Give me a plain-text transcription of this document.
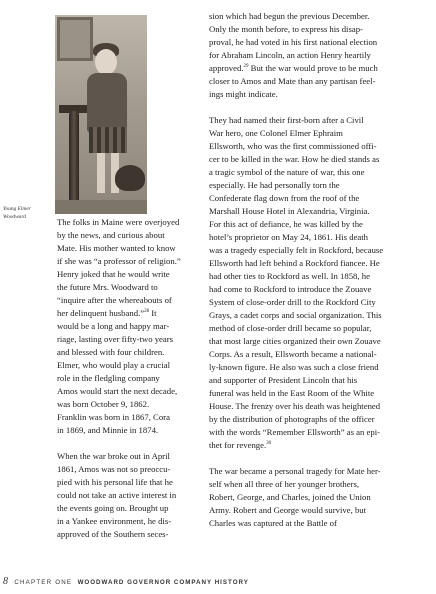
Young Elmer
Woodward	The folks in Maine were overjoyed
by the news, and curious about
Mate. His mother wanted to know
if she was “a professor of religion.”
Henry joked that he would write
the future Mrs. Woodward to
“inquire after the whereabouts of
her delinquent husband.”$^{28}$ It
would be a long and happy mar-
riage, lasting over fifty-two years
and blessed with four children.
Elmer, who would play a crucial
role in the fledgling company
Amos would start the next decade,
was born October 9, 1862.
Franklin was born in 1867, Cora
in 1869, and Minnie in 1874.

When the war broke out in April
1861, Amos was not so preoccu-
pied with his personal life that he
could not take an active interest in
the events going on. Brought up
in a Yankee environment, he dis-
approved of the Southern seces-

sion which had begun the previous December.
Only the month before, to express his disap-
proval, he had voted in his first national election
for Abraham Lincoln, an action Henry heartily
approved.$^{29}$ But the war would prove to be much
closer to Amos and Mate than any partisan feel-
ings might indicate.

They had named their first-born after a Civil
War hero, one Colonel Elmer Ephraim
Ellsworth, who was the first commissioned offi-
cer to be killed in the war. How he died stands as
a tragic symbol of the nature of war, this one
especially. He had personally torn the
Confederate flag down from the roof of the
Marshall House Hotel in Alexandria, Virginia.
For this act of defiance, he was killed by the
hotel’s proprietor on May 24, 1861. His death
was a tragedy especially felt in Rockford, because
Ellsworth had left behind a Rockford fiancee. He
had other ties to Rockford as well. In 1858, he
had come to Rockford to introduce the Zouave
System of close-order drill to the Rockford City
Grays, a cadet corps and social organization. This
method of close-order drill became so popular,
that most large cities organized their own Zouave
Corps. As a result, Ellsworth became a national-
ly-known figure. He also was such a close friend
and supporter of President Lincoln that his
funeral was held in the East Room of the White
House. The frenzy over his death was heightened
by the distribution of photographs of the officer
with the words “Remember Ellsworth” as an epi-
thet for revenge.$^{30}$

The war became a personal tragedy for Mate her-
self when all three of her younger brothers,
Robert, George, and Charles, joined the Union
Army. Robert and George would survive, but
Charles was captured at the Battle of

8 CHAPTER ONE WOODWARD GOVERNOR COMPANY HISTORY
